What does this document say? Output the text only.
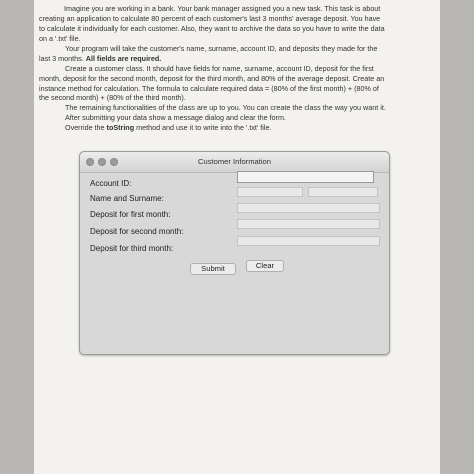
Imagine you are working in a bank. Your bank manager assigned you a new task. This task is about

creating an application to calculate 80 percent of each customer's last 3 months' average deposit. You have
to calculate it individually for each customer. Also, they want to archive the data so you have to write the data
on a '.txt' file.

Your program will take the customer's name, surname, account ID, and deposits they made for the
last 3 months. All fields are required.

Create a customer class. It should have fields for name, surname, account ID, deposit for the first
month, deposit for the second month, deposit for the third month, and 80% of the average deposit. Create an
instance method for calculation. The formula to calculate required data = (80% of the first month) + (80% of
the second month) + (80% of the third month).
The remaining functionalities of the class are up to you. You can create the class the way you want it.
After submitting your data show a message dialog and clear the form.
Override the toString method and use it to write into the '.txt' file.

Customer Information
Account ID:
Name and Surname:
Deposit for first month:
Deposit for second month:
Deposit for third month:
Submit	Clear
